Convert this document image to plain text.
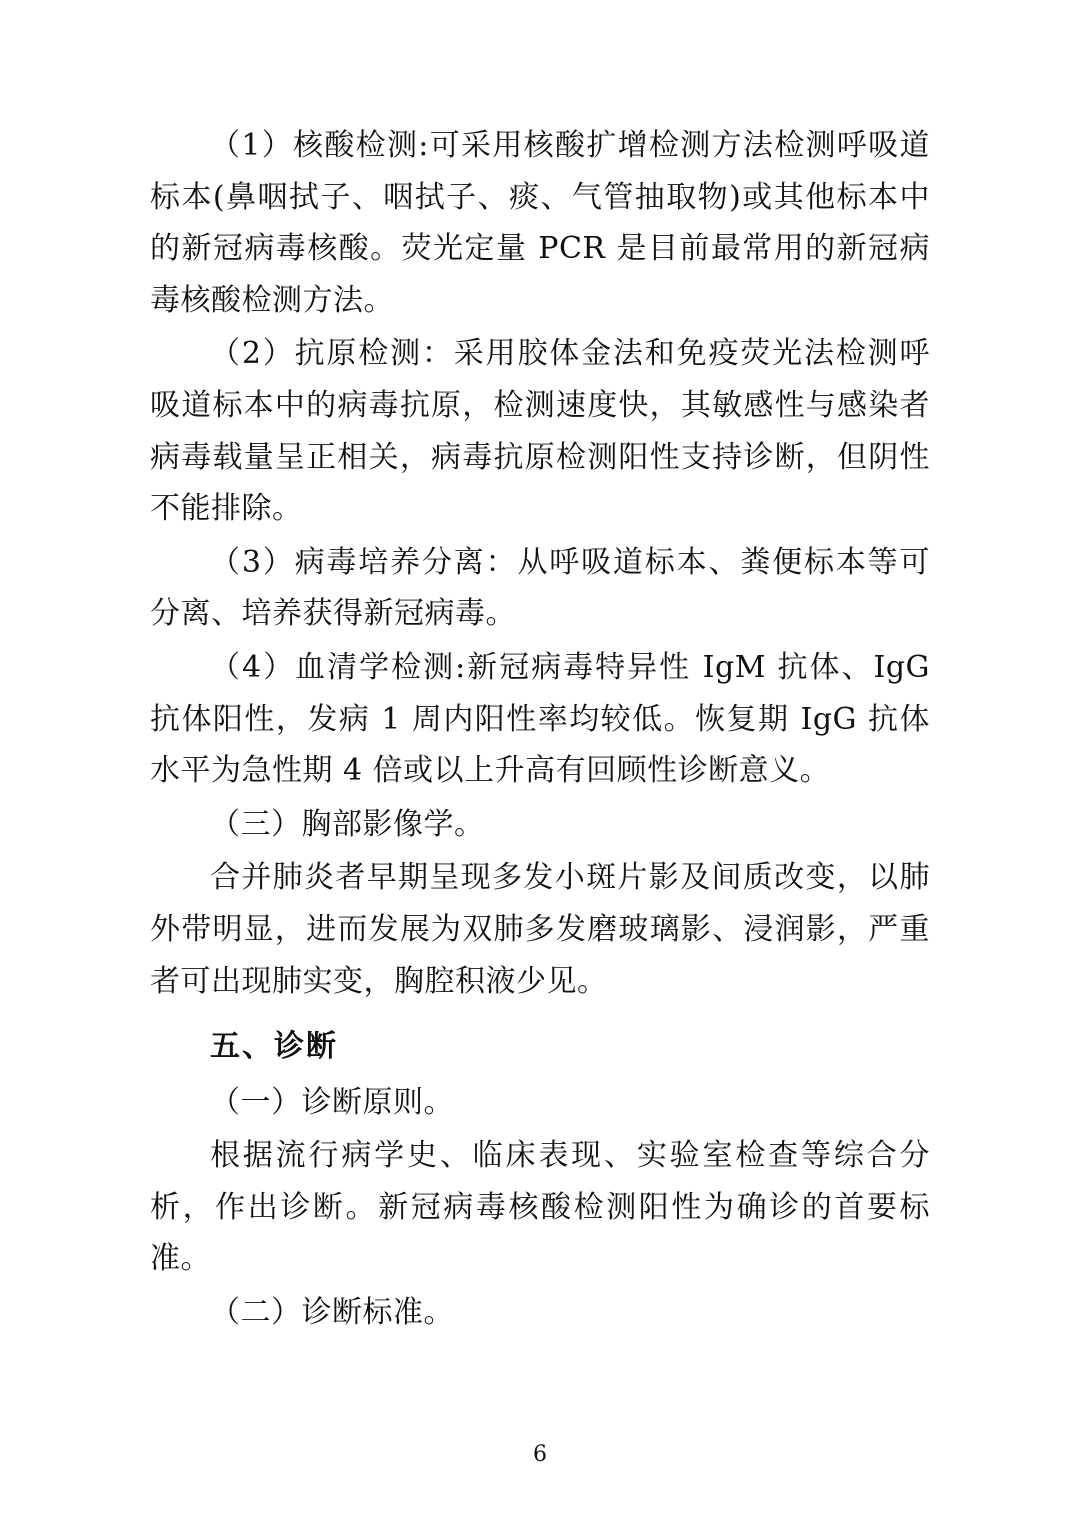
（1）核酸检测:可采用核酸扩增检测方法检测呼吸道标本(鼻咽拭子、咽拭子、痰、气管抽取物)或其他标本中的新冠病毒核酸。荧光定量 PCR 是目前最常用的新冠病毒核酸检测方法。

（2）抗原检测：采用胶体金法和免疫荧光法检测呼吸道标本中的病毒抗原，检测速度快，其敏感性与感染者病毒载量呈正相关，病毒抗原检测阳性支持诊断，但阴性不能排除。

（3）病毒培养分离：从呼吸道标本、粪便标本等可分离、培养获得新冠病毒。

（4）血清学检测:新冠病毒特异性 IgM 抗体、IgG 抗体阳性，发病 1 周内阳性率均较低。恢复期 IgG 抗体水平为急性期 4 倍或以上升高有回顾性诊断意义。

（三）胸部影像学。

合并肺炎者早期呈现多发小斑片影及间质改变，以肺外带明显，进而发展为双肺多发磨玻璃影、浸润影，严重者可出现肺实变，胸腔积液少见。

五、诊断

（一）诊断原则。

根据流行病学史、临床表现、实验室检查等综合分析，作出诊断。新冠病毒核酸检测阳性为确诊的首要标准。

（二）诊断标准。

6
